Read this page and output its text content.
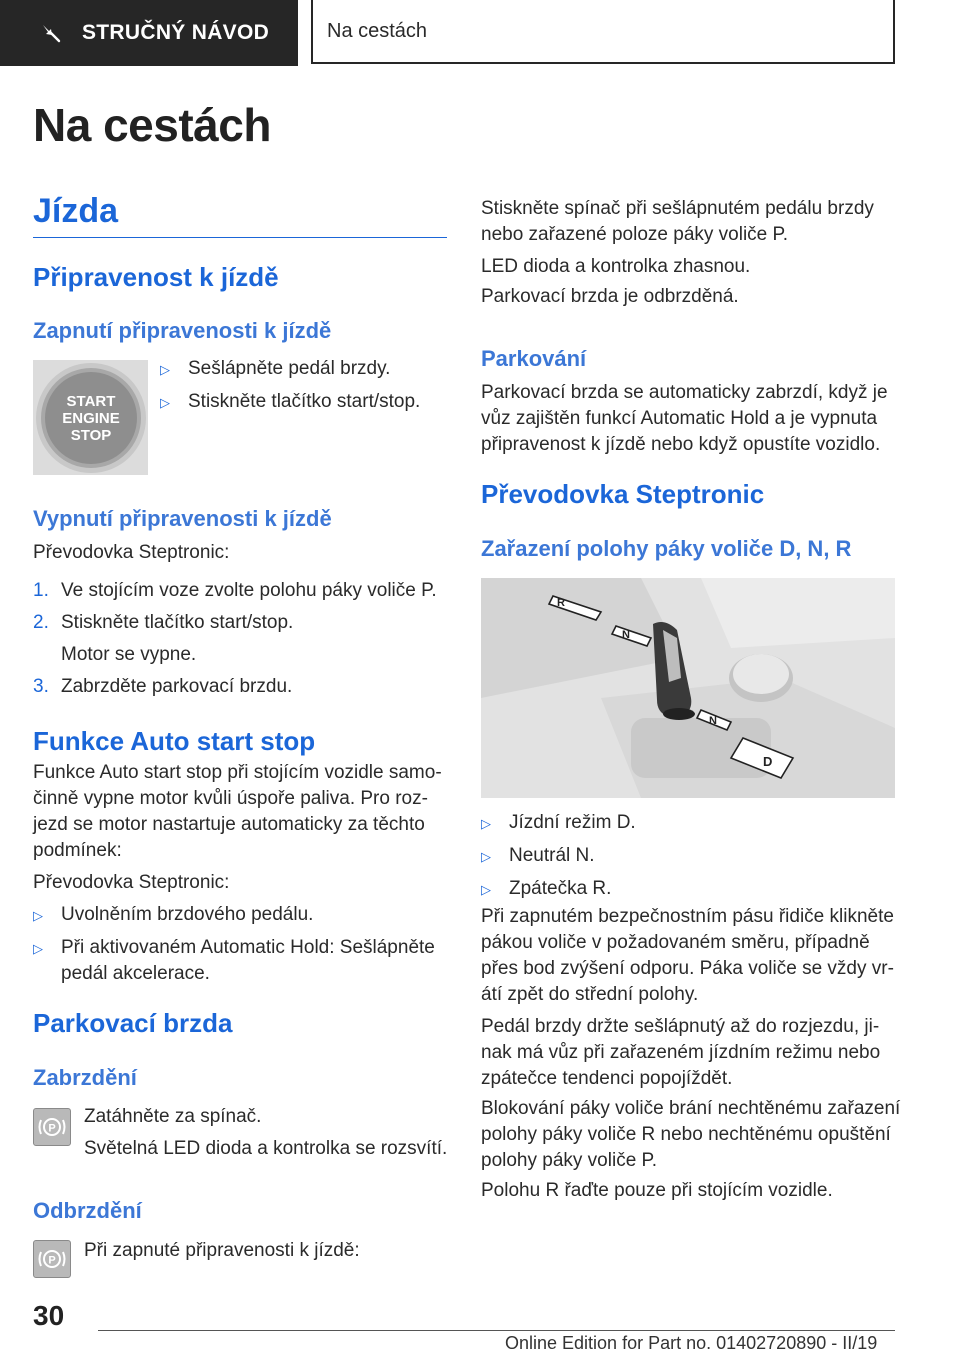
STRUČNÝ NÁVOD	Na cestách
Na cestách
Jízda
Připravenost k jízdě
Zapnutí připravenosti k jízdě
START
ENGINE
STOP
▷ Sešlápněte pedál brzdy.
▷ Stiskněte tlačítko start/stop.
Vypnutí připravenosti k jízdě

Převodovka Steptronic:

1. Ve stojícím voze zvolte polohu páky voliče P.
2. Stiskněte tlačítko start/stop.
Motor se vypne.
3. Zabrzděte parkovací brzdu.
Funkce Auto start stop

Funkce Auto start stop při stojícím vozidle samo-

činně vypne motor kvůli úspoře paliva. Pro roz-

jezd se motor nastartuje automaticky za těchto

podmínek:

Převodovka Steptronic:

▷ Uvolněním brzdového pedálu.
▷ Při aktivovaném Automatic Hold: Sešlápněte
pedál akcelerace.
Parkovací brzda
Zabrzdění
P

Zatáhněte za spínač.

Světelná LED dioda a kontrolka se rozsvítí.

Odbrzdění
P Při zapnuté připravenosti k jízdě:

Stiskněte spínač při sešlápnutém pedálu brzdy

nebo zařazené poloze páky voliče P.

LED dioda a kontrolka zhasnou.

Parkovací brzda je odbrzděná.

Parkování

Parkovací brzda se automaticky zabrzdí, když je

vůz zajištěn funkcí Automatic Hold a je vypnuta

připravenost k jízdě nebo když opustíte vozidlo.

Převodovka Steptronic
Zařazení polohy páky voliče D, N, R
R
N
N
D
▷ Jízdní režim D.
▷ Neutrál N.
▷ Zpátečka R.

Při zapnutém bezpečnostním pásu řidiče klikněte

pákou voliče v požadovaném směru, případně

přes bod zvýšení odporu. Páka voliče se vždy vr-

átí zpět do střední polohy.

Pedál brzdy držte sešlápnutý až do rozjezdu, ji-

nak má vůz při zařazeném jízdním režimu nebo

zpátečce tendenci popojíždět.

Blokování páky voliče brání nechtěnému zařazení

polohy páky voliče R nebo nechtěnému opuštění

polohy páky voliče P.

Polohu R řaďte pouze při stojícím vozidle.

30
Online Edition for Part no. 01402720890 - II/19
